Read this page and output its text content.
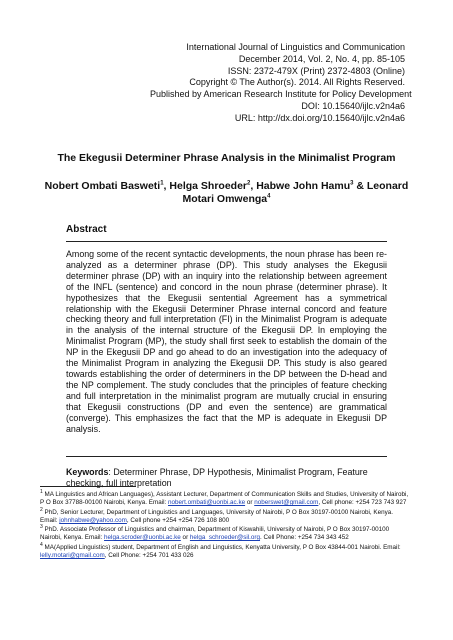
International Journal of Linguistics and Communication
December 2014, Vol. 2, No. 4, pp. 85-105
ISSN: 2372-479X (Print) 2372-4803 (Online)
Copyright © The Author(s). 2014. All Rights Reserved.
Published by American Research Institute for Policy Development
DOI: 10.15640/ijlc.v2n4a6
URL: http://dx.doi.org/10.15640/ijlc.v2n4a6
The Ekegusii Determiner Phrase Analysis in the Minimalist Program
Nobert Ombati Basweti$^1$, Helga Shroeder$^2$, Habwe John Hamu$^3$ & Leonard
Motari Omwenga$^4$
Abstract
Among some of the recent syntactic developments, the noun phrase has been re-analyzed as a determiner phrase (DP). This study analyses the Ekegusii determiner phrase (DP) with an inquiry into the relationship between agreement of the INFL (sentence) and concord in the noun phrase (determiner phrase). It hypothesizes that the Ekegusii sentential Agreement has a symmetrical relationship with the Ekegusii Determiner Phrase internal concord and feature checking theory and full interpretation (FI) in the Minimalist Program is adequate in the analysis of the internal structure of the Ekegusii DP. In employing the Minimalist Program (MP), the study shall first seek to establish the domain of the NP in the Ekegusii DP and go ahead to do an investigation into the adequacy of the Minimalist Program in analyzing the Ekegusii DP. This study is also geared towards establishing the order of determiners in the DP between the D-head and the NP complement. The study concludes that the principles of feature checking and full interpretation in the minimalist program are mutually crucial in ensuring that Ekegusii constructions (DP and even the sentence) are grammatical (converge). This emphasizes the fact that the MP is adequate in Ekegusii DP analysis.
Keywords: Determiner Phrase, DP Hypothesis, Minimalist Program, Feature checking, full interpretation
$^1$ MA Linguistics and African Languages), Assistant Lecturer, Department of Communication Skills and Studies, University of Nairobi, P O Box 37788-00100 Nairobi, Kenya. Email: nobert.ombati@uonbi.ac.ke or noberswet@gmail.com, Cell phone: +254 723 743 927
$^2$ PhD, Senior Lecturer, Department of Linguistics and Languages, University of Nairobi, P O Box 30197-00100 Nairobi, Kenya. Email: johnhabwe@yahoo.com, Cell phone +254 +254 726 108 800
$^3$ PhD. Associate Professor of Linguistics and chairman, Department of Kiswahili, University of Nairobi, P O Box 30197-00100 Nairobi, Kenya. Email: helga.scroder@uonbi.ac.ke or helga_schroeder@sil.org. Cell Phone: +254 734 343 452
$^4$ MA(Applied Linguistics) student, Department of English and Linguistics, Kenyatta University, P O Box 43844-001 Nairobi. Email: lelly.motari@gmail.com, Cell Phone: +254 701 433 026
